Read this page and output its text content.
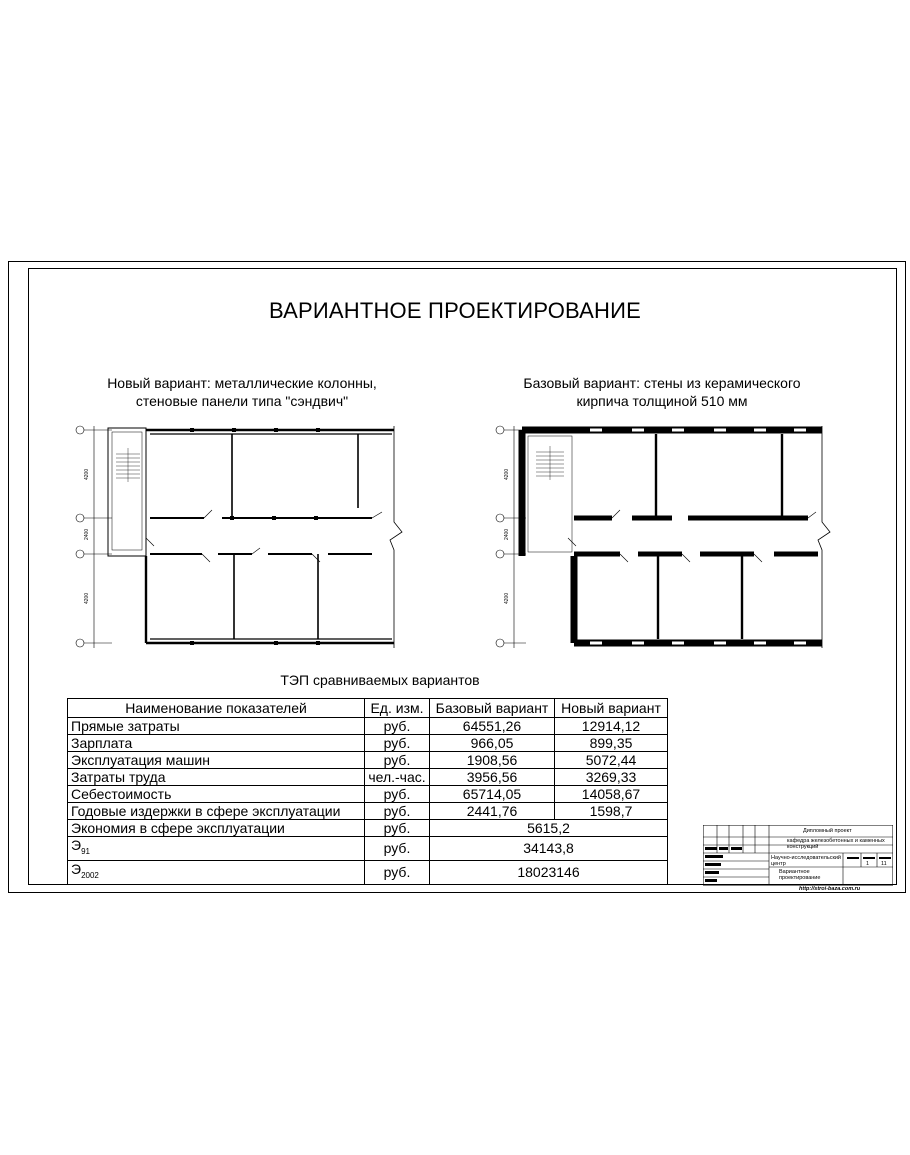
ВАРИАНТНОЕ ПРОЕКТИРОВАНИЕ
Новый вариант: металлические колонны,
стеновые панели типа "сэндвич"
Базовый вариант: стены из керамического
кирпича толщиной 510 мм
4200
2400
4200
4200
2400
4200
ТЭП сравниваемых вариантов
Наименование показателей	Ед. изм.	Базовый вариант	Новый вариант
Прямые затраты	руб.	64551,26	12914,12
Зарплата	руб.	966,05	899,35
Эксплуатация машин	руб.	1908,56	5072,44
Затраты труда	чел.-час.	3956,56	3269,33
Себестоимость	руб.	65714,05	14058,67
Годовые издержки в сфере эксплуатации	руб.	2441,76	1598,7
Экономия в сфере эксплуатации	руб.	5615,2	
$Э_{91}$	руб.	34143,8	
$Э_{2002}$	руб.	18023146	
Дипломный проект
кафедра железобетонных и каменных конструкций
Научно-исследовательский центр
Вариантное проектирование
1 11
http://stroi-baza.com.ru
